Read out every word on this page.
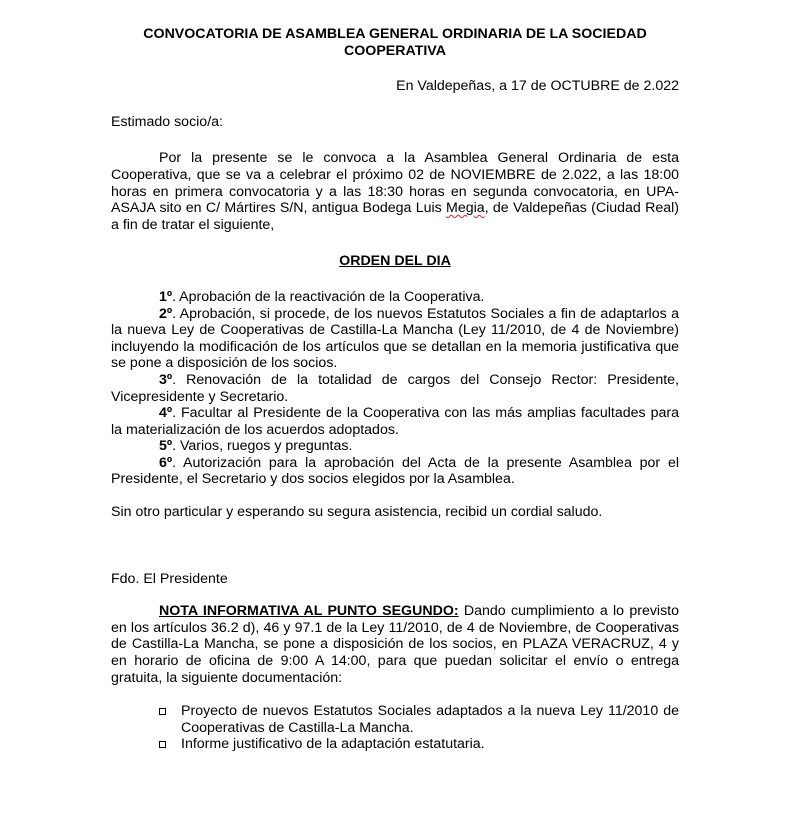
CONVOCATORIA DE ASAMBLEA GENERAL ORDINARIA DE LA SOCIEDAD COOPERATIVA

En Valdepeñas, a 17 de OCTUBRE de 2.022
Estimado socio/a:
Por la presente se le convoca a la Asamblea General Ordinaria de esta Cooperativa, que se va a celebrar el próximo 02 de NOVIEMBRE de 2.022, a las 18:00 horas en primera convocatoria y a las 18:30 horas en segunda convocatoria, en UPA-ASAJA sito en C/ Mártires S/N, antigua Bodega Luis Megia, de Valdepeñas (Ciudad Real) a fin de tratar el siguiente,
ORDEN DEL DIA
1º. Aprobación de la reactivación de la Cooperativa.
2º. Aprobación, si procede, de los nuevos Estatutos Sociales a fin de adaptarlos a la nueva Ley de Cooperativas de Castilla-La Mancha (Ley 11/2010, de 4 de Noviembre) incluyendo la modificación de los artículos que se detallan en la memoria justificativa que se pone a disposición de los socios.
3º. Renovación de la totalidad de cargos del Consejo Rector: Presidente, Vicepresidente y Secretario.
4º. Facultar al Presidente de la Cooperativa con las más amplias facultades para la materialización de los acuerdos adoptados.
5º. Varios, ruegos y preguntas.
6º. Autorización para la aprobación del Acta de la presente Asamblea por el Presidente, el Secretario y dos socios elegidos por la Asamblea.
Sin otro particular y esperando su segura asistencia, recibid un cordial saludo.
Fdo. El Presidente
NOTA INFORMATIVA AL PUNTO SEGUNDO: Dando cumplimiento a lo previsto en los artículos 36.2 d), 46 y 97.1 de la Ley 11/2010, de 4 de Noviembre, de Cooperativas de Castilla-La Mancha, se pone a disposición de los socios, en PLAZA VERACRUZ, 4 y en horario de oficina de 9:00 A 14:00, para que puedan solicitar el envío o entrega gratuita, la siguiente documentación:
Proyecto de nuevos Estatutos Sociales adaptados a la nueva Ley 11/2010 de Cooperativas de Castilla-La Mancha.
Informe justificativo de la adaptación estatutaria.
